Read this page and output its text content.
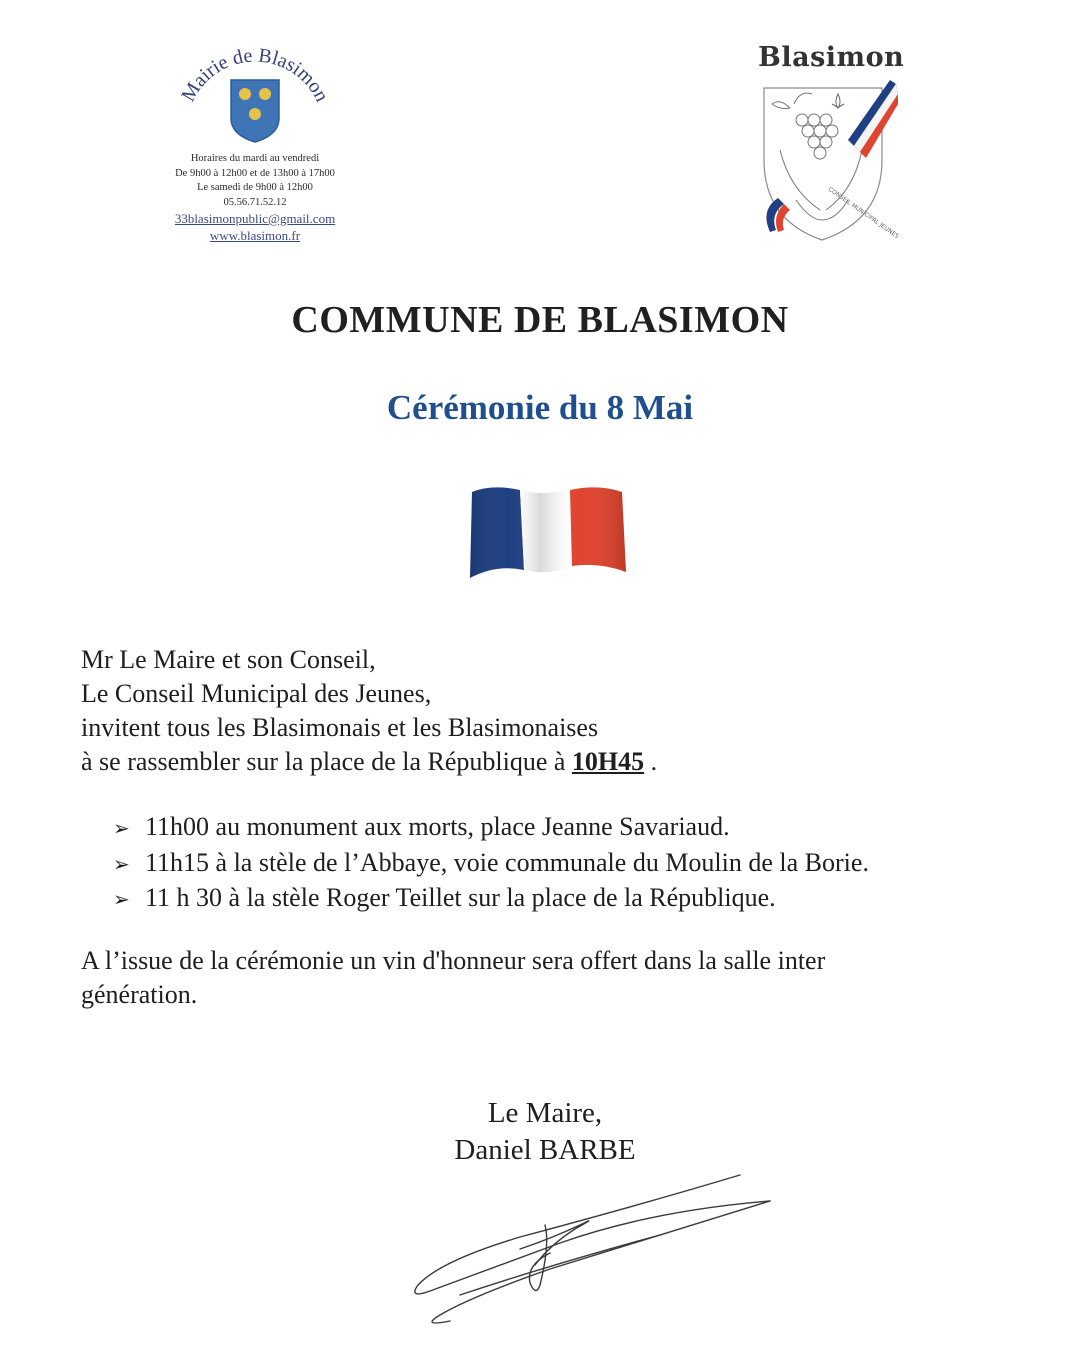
Mairie de Blasimon
Horaires du mardi au vendredi
De 9h00 à 12h00 et de 13h00 à 17h00
Le samedi de 9h00 à 12h00
05.56.71.52.12
33blasimonpublic@gmail.com
www.blasimon.fr
Blasimon
CONSEIL MUNICIPAL JEUNES
COMMUNE DE BLASIMON
Cérémonie du 8 Mai
Mr Le Maire et son Conseil,
Le Conseil Municipal des Jeunes,
invitent tous les Blasimonais et les Blasimonaises
à se rassembler sur la place de la République à 10H45 .
➢ 11h00 au monument aux morts, place Jeanne Savariaud.
➢ 11h15 à la stèle de l’Abbaye, voie communale du Moulin de la Borie.
➢ 11 h 30 à la stèle Roger Teillet sur la place de la République.
A l’issue de la cérémonie un vin d'honneur sera offert dans la salle inter
génération.
Le Maire,
Daniel BARBE
